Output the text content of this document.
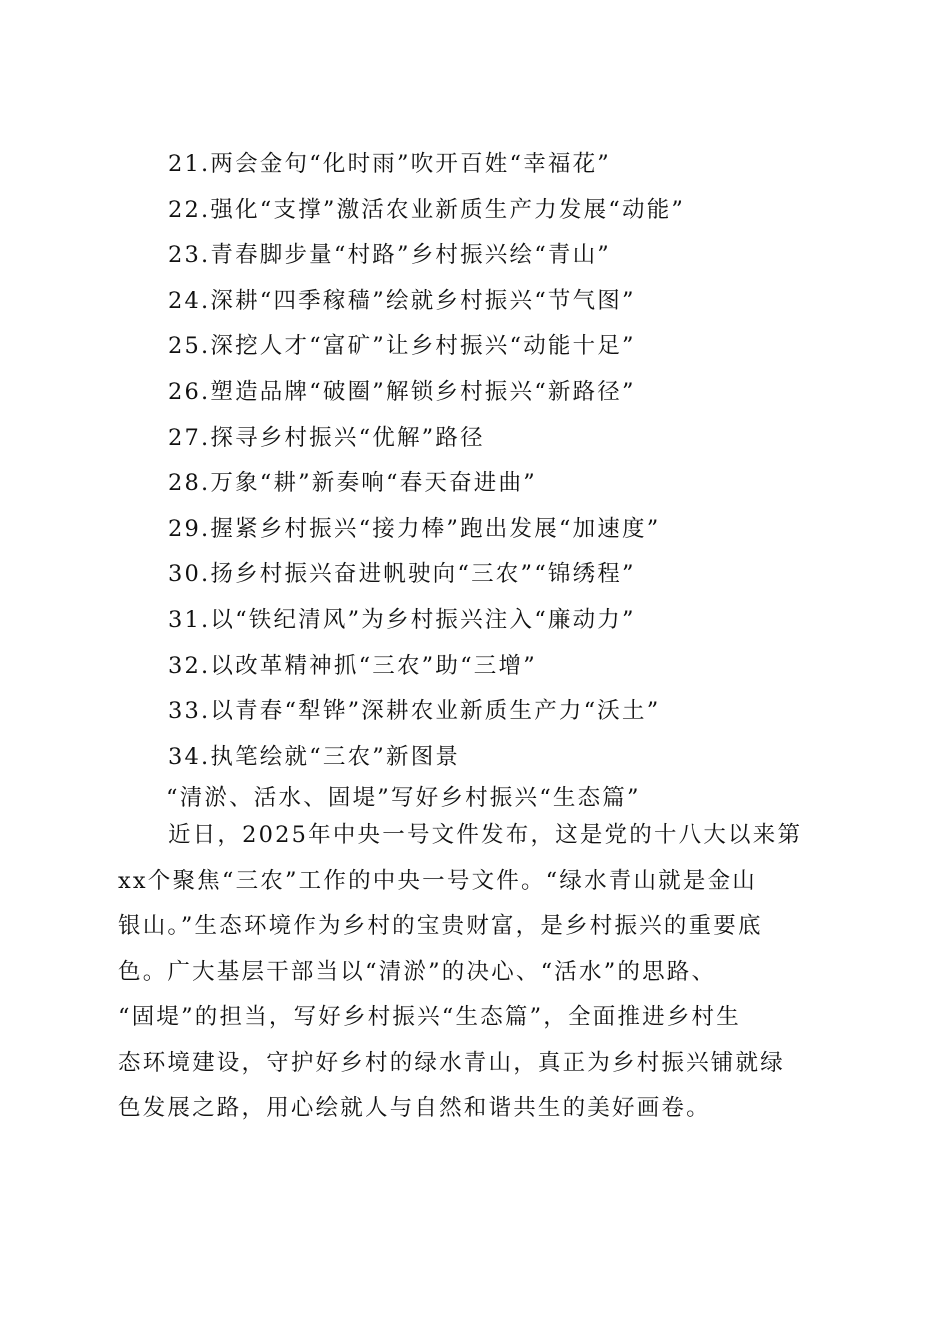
21.两会金句“化时雨”吹开百姓“幸福花”
22.强化“支撑”激活农业新质生产力发展“动能”
23.青春脚步量“村路”乡村振兴绘“青山”
24.深耕“四季稼穑”绘就乡村振兴“节气图”
25.深挖人才“富矿”让乡村振兴“动能十足”
26.塑造品牌“破圈”解锁乡村振兴“新路径”
27.探寻乡村振兴“优解”路径
28.万象“耕”新奏响“春天奋进曲”
29.握紧乡村振兴“接力棒”跑出发展“加速度”
30.扬乡村振兴奋进帆驶向“三农”“锦绣程”
31.以“铁纪清风”为乡村振兴注入“廉动力”
32.以改革精神抓“三农”助“三增”
33.以青春“犁铧”深耕农业新质生产力“沃土”
34.执笔绘就“三农”新图景
“清淤、活水、固堤”写好乡村振兴“生态篇”
近日，2025年中央一号文件发布，这是党的十八大以来第
xx个聚焦“三农”工作的中央一号文件。“绿水青山就是金山
银山。”生态环境作为乡村的宝贵财富，是乡村振兴的重要底
色。广大基层干部当以“清淤”的决心、“活水”的思路、
“固堤”的担当，写好乡村振兴“生态篇”，全面推进乡村生
态环境建设，守护好乡村的绿水青山，真正为乡村振兴铺就绿
色发展之路，用心绘就人与自然和谐共生的美好画卷。
